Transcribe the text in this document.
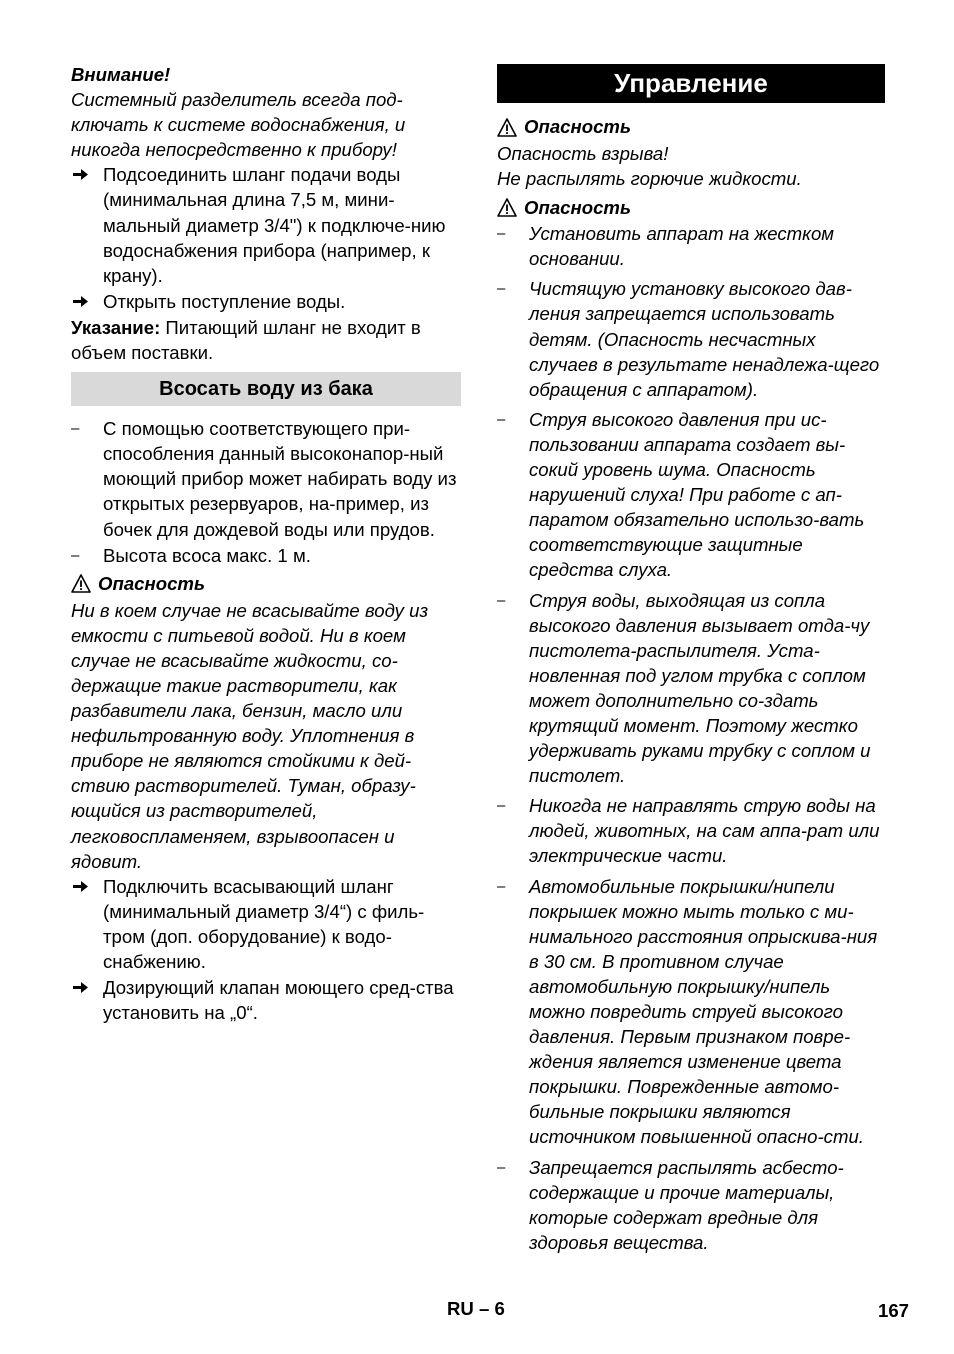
Внимание!

Системный разделитель всегда под-ключать к системе водоснабжения, и никогда непосредственно к прибору!

Подсоединить шланг подачи воды (минимальная длина 7,5 м, мини-мальный диаметр 3/4") к подключе-нию водоснабжения прибора (например, к крану).

Открыть поступление воды.

Указание: Питающий шланг не входит в объем поставки.

Всосать воду из бака
– С помощью соответствующего при-способления данный высоконапор-ный моющий прибор может набирать воду из открытых резервуаров, на-пример, из бочек для дождевой воды или прудов.

– Высота всоса макс. 1 м.

Опасность

Ни в коем случае не всасывайте воду из емкости с питьевой водой. Ни в коем случае не всасывайте жидкости, со-держащие такие растворители, как разбавители лака, бензин, масло или нефильтрованную воду. Уплотнения в приборе не являются стойкими к дей-ствию растворителей. Туман, образу-ющийся из растворителей, легковоспламеняем, взрывоопасен и ядовит.

Подключить всасывающий шланг (минимальный диаметр 3/4“) с филь-тром (доп. оборудование) к водо-снабжению.

Дозирующий клапан моющего сред-ства установить на „0“.

Управление
Опасность

Опасность взрыва!

Не распылять горючие жидкости.

Опасность
– Установить аппарат на жестком основании.

– Чистящую установку высокого дав-ления запрещается использовать детям. (Опасность несчастных случаев в результате ненадлежа-щего обращения с аппаратом).

– Струя высокого давления при ис-пользовании аппарата создает вы-сокий уровень шума. Опасность нарушений слуха! При работе с ап-паратом обязательно использо-вать соответствующие защитные средства слуха.

– Струя воды, выходящая из сопла высокого давления вызывает отда-чу пистолета-распылителя. Уста-новленная под углом трубка с соплом может дополнительно со-здать крутящий момент. Поэтому жестко удерживать руками трубку с соплом и пистолет.

– Никогда не направлять струю воды на людей, животных, на сам аппа-рат или электрические части.

– Автомобильные покрышки/нипели покрышек можно мыть только с ми-нимального расстояния опрыскива-ния в 30 см. В противном случае автомобильную покрышку/нипель можно повредить струей высокого давления. Первым признаком повре-ждения является изменение цвета покрышки. Поврежденные автомо-бильные покрышки являются источником повышенной опасно-сти.

– Запрещается распылять асбесто-содержащие и прочие материалы, которые содержат вредные для здоровья вещества.

RU – 6	167
